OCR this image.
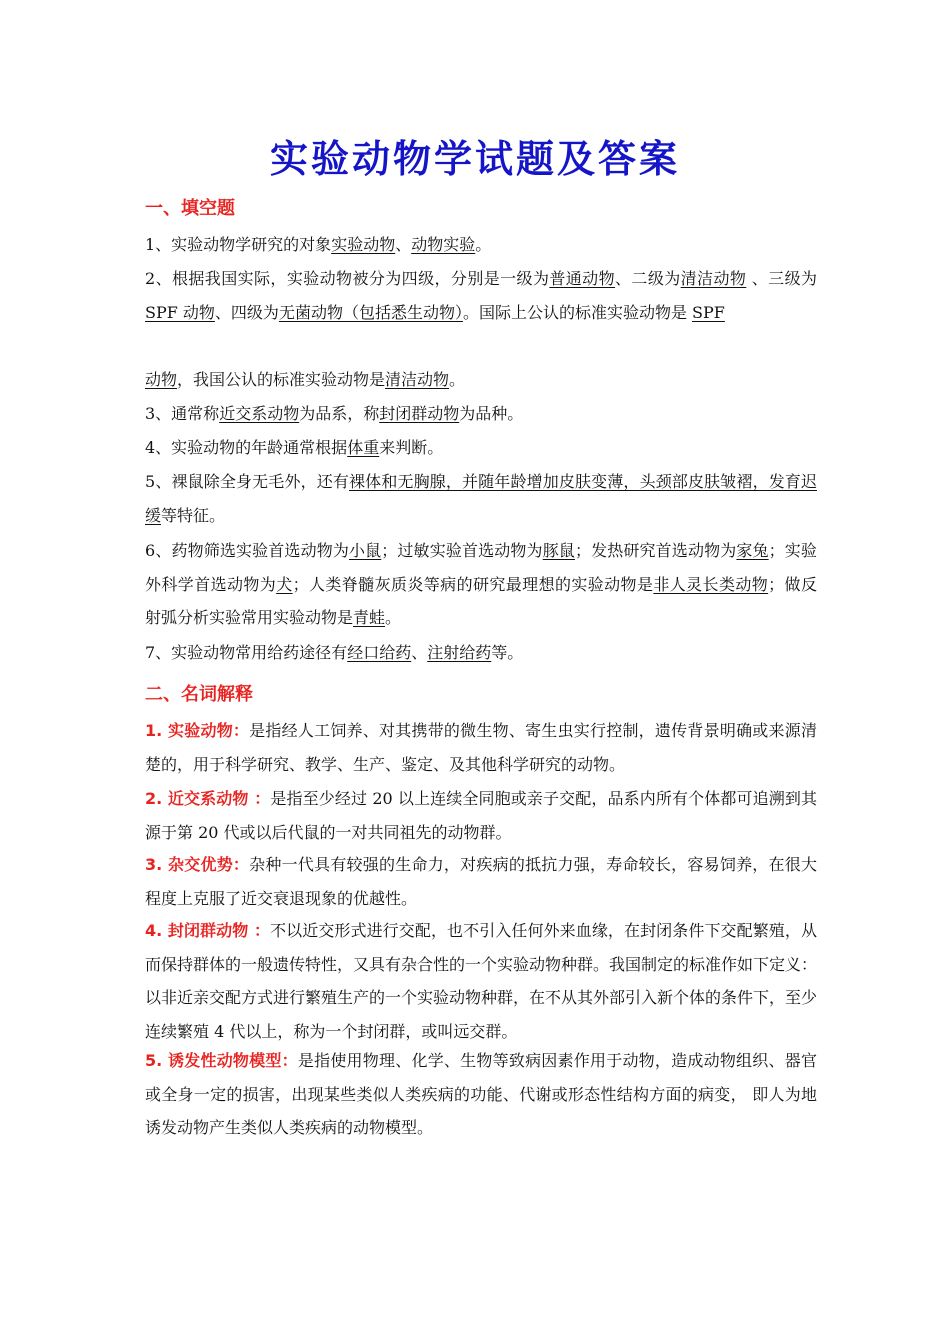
实验动物学试题及答案
一、填空题
1、实验动物学研究的对象实验动物、动物实验。
2、根据我国实际，实验动物被分为四级，分别是一级为普通动物、二级为清洁动物 、三级为 SPF 动物、四级为无菌动物（包括悉生动物）。国际上公认的标准实验动物是 SPF
动物，我国公认的标准实验动物是清洁动物。
3、通常称近交系动物为品系，称封闭群动物为品种。
4、实验动物的年龄通常根据体重来判断。
5、裸鼠除全身无毛外，还有裸体和无胸腺，并随年龄增加皮肤变薄，头颈部皮肤皱褶，发育迟缓等特征。
6、药物筛选实验首选动物为小鼠；过敏实验首选动物为豚鼠；发热研究首选动物为家兔；实验外科学首选动物为犬；人类脊髓灰质炎等病的研究最理想的实验动物是非人灵长类动物；做反射弧分析实验常用实验动物是青蛙。
7、实验动物常用给药途径有经口给药、注射给药等。
二、名词解释
1. 实验动物：是指经人工饲养、对其携带的微生物、寄生虫实行控制，遗传背景明确或来源清楚的，用于科学研究、教学、生产、鉴定、及其他科学研究的动物。
2. 近交系动物 ：是指至少经过 20 以上连续全同胞或亲子交配，品系内所有个体都可追溯到其源于第 20 代或以后代鼠的一对共同祖先的动物群。
3. 杂交优势：杂种一代具有较强的生命力，对疾病的抵抗力强，寿命较长，容易饲养，在很大程度上克服了近交衰退现象的优越性。
4. 封闭群动物 ：不以近交形式进行交配，也不引入任何外来血缘，在封闭条件下交配繁殖，从而保持群体的一般遗传特性，又具有杂合性的一个实验动物种群。我国制定的标准作如下定义：以非近亲交配方式进行繁殖生产的一个实验动物种群，在不从其外部引入新个体的条件下，至少连续繁殖 4 代以上，称为一个封闭群，或叫远交群。
5. 诱发性动物模型：是指使用物理、化学、生物等致病因素作用于动物，造成动物组织、器官或全身一定的损害，出现某些类似人类疾病的功能、代谢或形态性结构方面的病变， 即人为地诱发动物产生类似人类疾病的动物模型。
